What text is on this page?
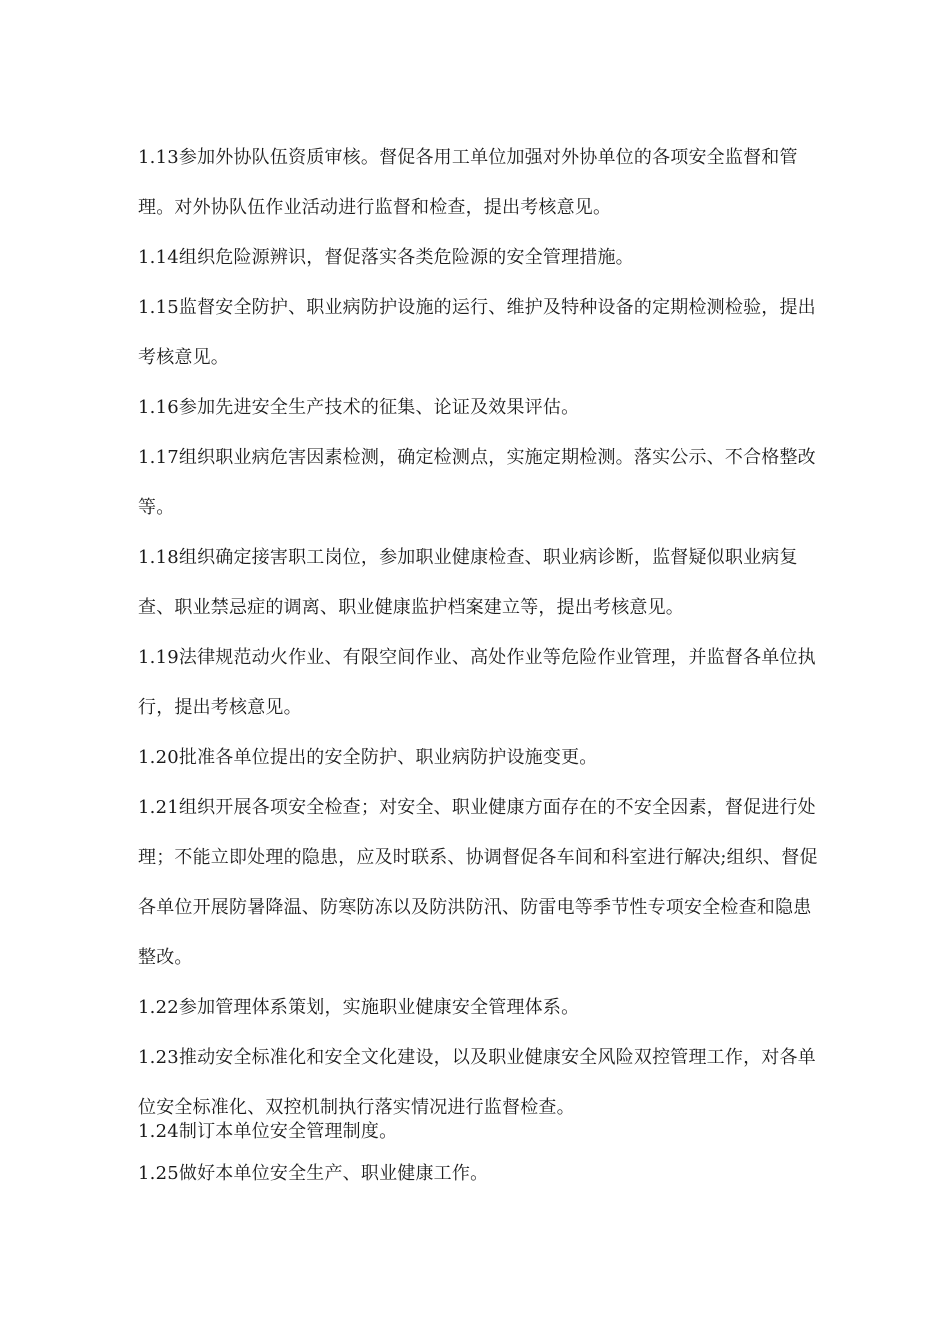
1.13参加外协队伍资质审核。督促各用工单位加强对外协单位的各项安全监督和管
理。对外协队伍作业活动进行监督和检查，提出考核意见。
1.14组织危险源辨识，督促落实各类危险源的安全管理措施。
1.15监督安全防护、职业病防护设施的运行、维护及特种设备的定期检测检验，提出
考核意见。
1.16参加先进安全生产技术的征集、论证及效果评估。
1.17组织职业病危害因素检测，确定检测点，实施定期检测。落实公示、不合格整改
等。
1.18组织确定接害职工岗位，参加职业健康检查、职业病诊断，监督疑似职业病复
查、职业禁忌症的调离、职业健康监护档案建立等，提出考核意见。
1.19法律规范动火作业、有限空间作业、高处作业等危险作业管理，并监督各单位执
行，提出考核意见。
1.20批准各单位提出的安全防护、职业病防护设施变更。
1.21组织开展各项安全检查；对安全、职业健康方面存在的不安全因素，督促进行处
理；不能立即处理的隐患，应及时联系、协调督促各车间和科室进行解决;组织、督促
各单位开展防暑降温、防寒防冻以及防洪防汛、防雷电等季节性专项安全检查和隐患
整改。
1.22参加管理体系策划，实施职业健康安全管理体系。
1.23推动安全标准化和安全文化建设，以及职业健康安全风险双控管理工作，对各单
位安全标准化、双控机制执行落实情况进行监督检查。
1.24制订本单位安全管理制度。
1.25做好本单位安全生产、职业健康工作。
